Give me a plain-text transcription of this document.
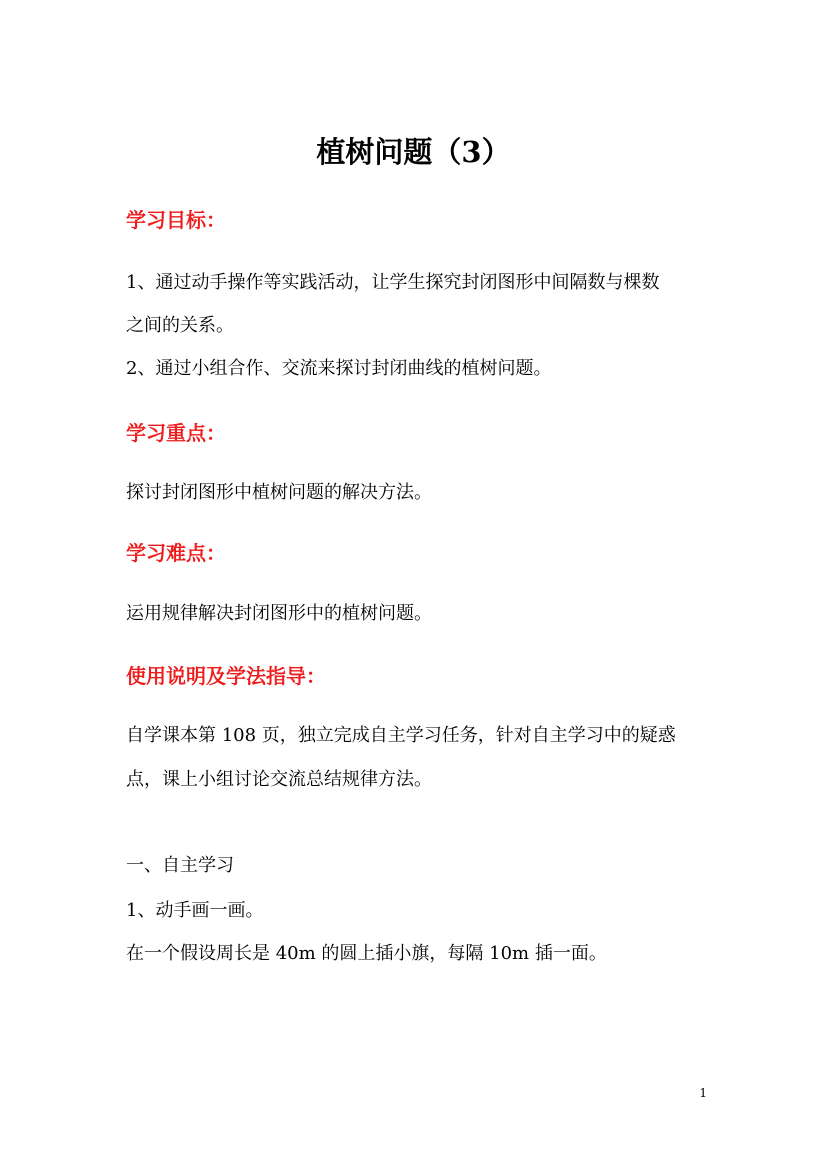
植树问题（3）
学习目标：
1、通过动手操作等实践活动，让学生探究封闭图形中间隔数与棵数
之间的关系。
2、通过小组合作、交流来探讨封闭曲线的植树问题。
学习重点：
探讨封闭图形中植树问题的解决方法。
学习难点：
运用规律解决封闭图形中的植树问题。
使用说明及学法指导：
自学课本第 108 页，独立完成自主学习任务，针对自主学习中的疑惑
点，课上小组讨论交流总结规律方法。
一、自主学习
1、动手画一画。
在一个假设周长是 40m 的圆上插小旗，每隔 10m 插一面。
1
